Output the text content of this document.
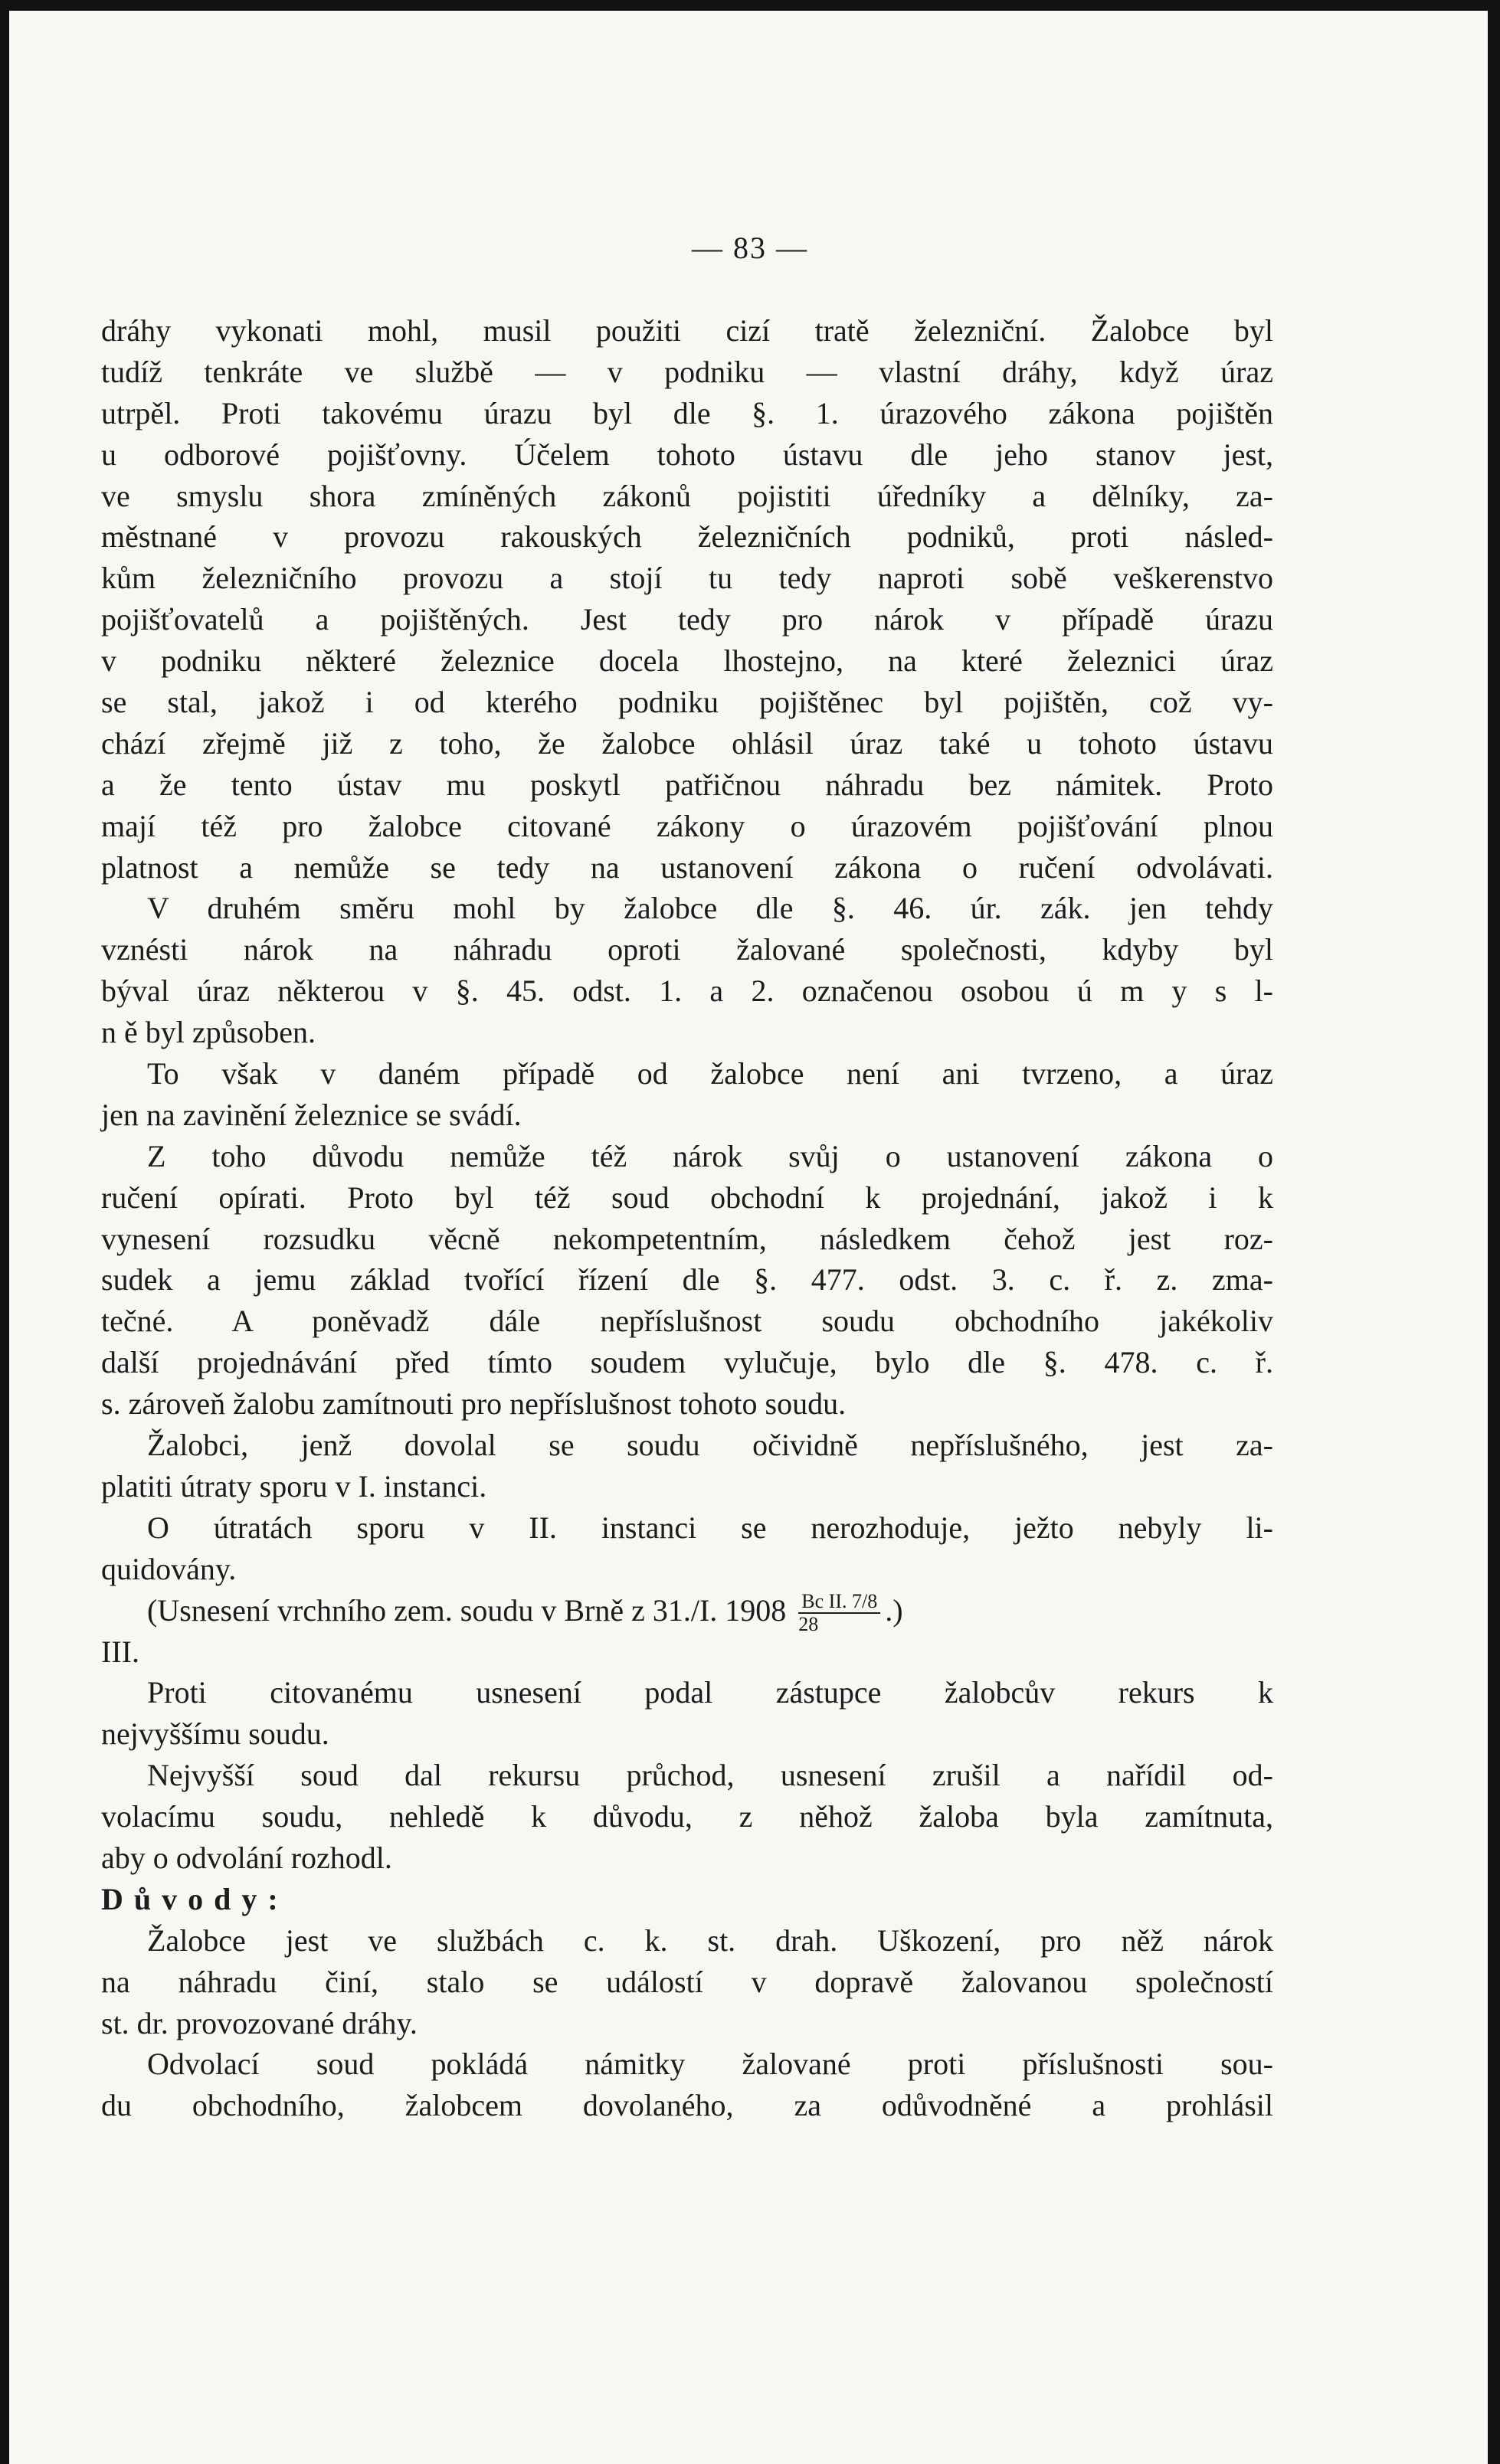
— 83 —
dráhy vykonati mohl, musil použiti cizí tratě železniční. Žalobce byl
tudíž tenkráte ve službě — v podniku — vlastní dráhy, když úraz
utrpěl. Proti takovému úrazu byl dle §. 1. úrazového zákona pojištěn
u odborové pojišťovny. Účelem tohoto ústavu dle jeho stanov jest,
ve smyslu shora zmíněných zákonů pojistiti úředníky a dělníky, za-
městnané v provozu rakouských železničních podniků, proti násled-
kům železničního provozu a stojí tu tedy naproti sobě veškerenstvo
pojišťovatelů a pojištěných. Jest tedy pro nárok v případě úrazu
v podniku některé železnice docela lhostejno, na které železnici úraz
se stal, jakož i od kterého podniku pojištěnec byl pojištěn, což vy-
chází zřejmě již z toho, že žalobce ohlásil úraz také u tohoto ústavu
a že tento ústav mu poskytl patřičnou náhradu bez námitek. Proto
mají též pro žalobce citované zákony o úrazovém pojišťování plnou
platnost a nemůže se tedy na ustanovení zákona o ručení odvolávati.
V druhém směru mohl by žalobce dle §. 46. úr. zák. jen tehdy
vznésti nárok na náhradu oproti žalované společnosti, kdyby byl
býval úraz některou v §. 45. odst. 1. a 2. označenou osobou ú m y s l-
n ě byl způsoben.
To však v daném případě od žalobce není ani tvrzeno, a úraz
jen na zavinění železnice se svádí.
Z toho důvodu nemůže též nárok svůj o ustanovení zákona o
ručení opírati. Proto byl též soud obchodní k projednání, jakož i k
vynesení rozsudku věcně nekompetentním, následkem čehož jest roz-
sudek a jemu základ tvořící řízení dle §. 477. odst. 3. c. ř. z. zma-
tečné. A poněvadž dále nepříslušnost soudu obchodního jakékoliv
další projednávání před tímto soudem vylučuje, bylo dle §. 478. c. ř.
s. zároveň žalobu zamítnouti pro nepříslušnost tohoto soudu.
Žalobci, jenž dovolal se soudu očividně nepříslušného, jest za-
platiti útraty sporu v I. instanci.
O útratách sporu v II. instanci se nerozhoduje, ježto nebyly li-
quidovány.
(Usnesení vrchního zem. soudu v Brně z 31./I. $1908 \frac{\text{Bc II. 7/8}}{28}$ .)
III.
Proti citovanému usnesení podal zástupce žalobcův rekurs k
nejvyššímu soudu.
Nejvyšší soud dal rekursu průchod, usnesení zrušil a nařídil od-
volacímu soudu, nehledě k důvodu, z něhož žaloba byla zamítnuta,
aby o odvolání rozhodl.
Důvody:
Žalobce jest ve službách c. k. st. drah. Uškození, pro něž nárok
na náhradu činí, stalo se událostí v dopravě žalovanou společností
st. dr. provozované dráhy.
Odvolací soud pokládá námitky žalované proti příslušnosti sou-
du obchodního, žalobcem dovolaného, za odůvodněné a prohlásil
